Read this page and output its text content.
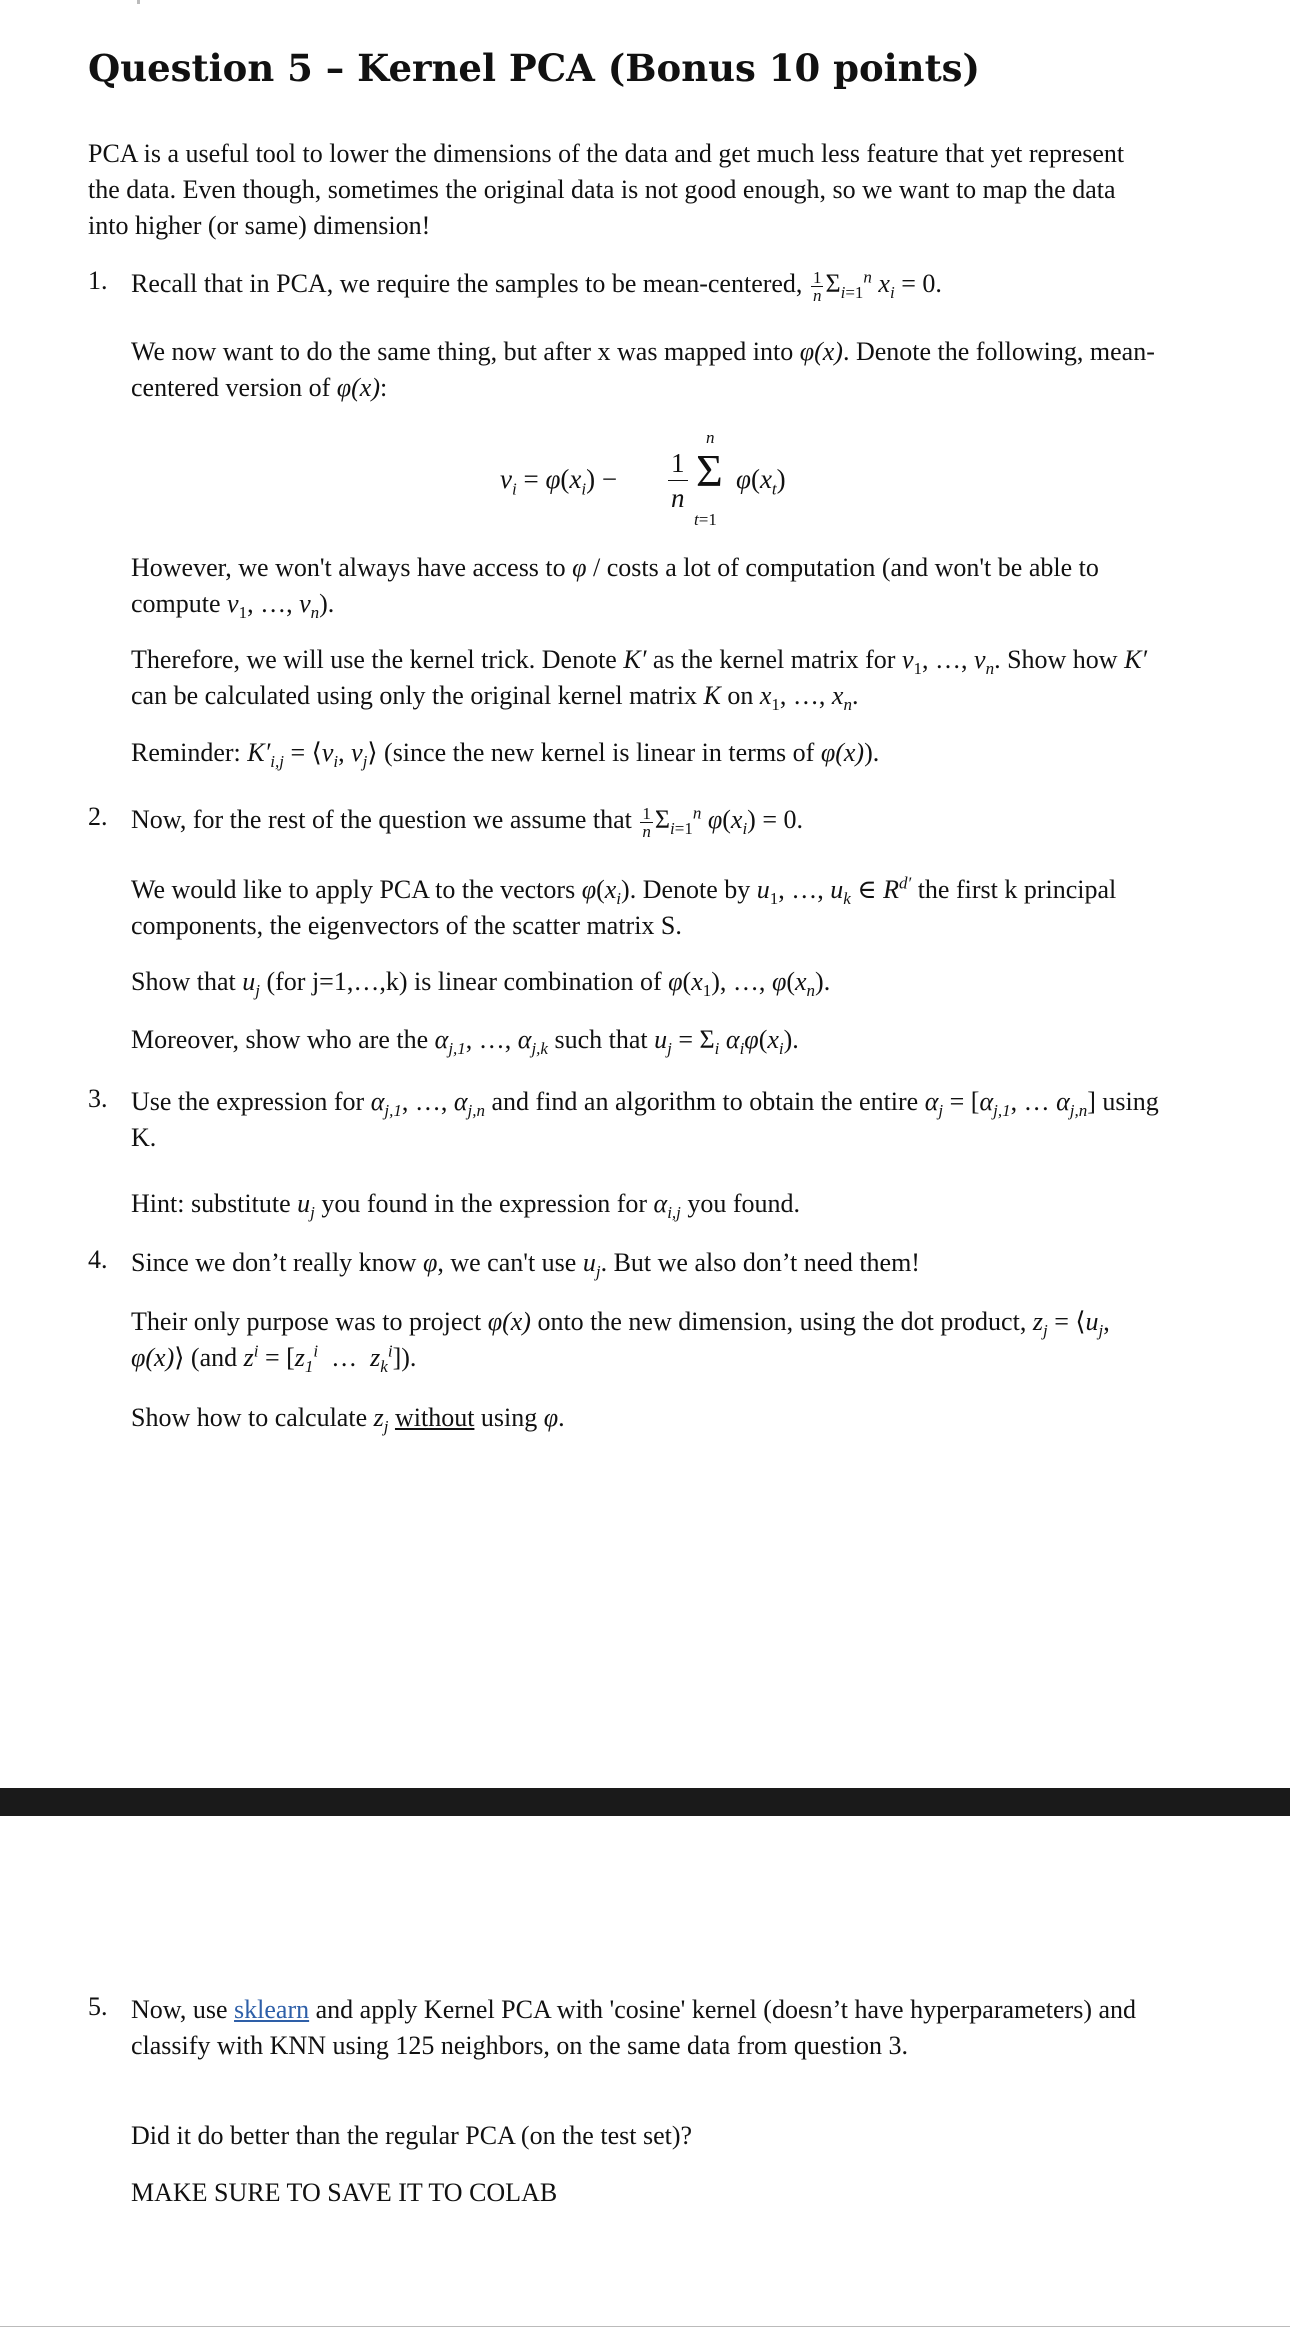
Question 5 – Kernel PCA (Bonus 10 points)

PCA is a useful tool to lower the dimensions of the data and get much less feature that yet represent the data. Even though, sometimes the original data is not good enough, so we want to map the data into higher (or same) dimension!

1. Recall that in PCA, we require the samples to be mean-centered, $\frac{1}{n} \Sigma_{i=1}^n$ $x_i = 0$.

We now want to do the same thing, but after x was mapped into φ(x). Denote the following, mean-centered version of φ(x):

$v_i = \varphi(x_i)$ −
1
n
n
Σ
t=1
$\varphi(x_t)$

However, we won't always have access to φ / costs a lot of computation (and won't be able to compute $v_1$, …, $v_n$).

Therefore, we will use the kernel trick. Denote K′ as the kernel matrix for $v_1$, …, $v_n$. Show how K′ can be calculated using only the original kernel matrix K on $x_1$, …, $x_n$.

Reminder: $K'_{i,j}$ = $⟨v_i$, $v_j⟩$ (since the new kernel is linear in terms of φ(x)).

2. Now, for the rest of the question we assume that $\frac{1}{n} \Sigma_{i=1}^n$ $\varphi(x_i) = 0$.

We would like to apply PCA to the vectors $\varphi(x_i)$. Denote by $u_1$, …, $u_k$ ∈ $R^{d'}$ the first k principal components, the eigenvectors of the scatter matrix S.

Show that $u_j$ (for j=1,…,k) is linear combination of $\varphi(x_1)$, …, $\varphi(x_n)$.

Moreover, show who are the $\alpha_{j,1}$, …, $\alpha_{j,k}$ such that $u_j = \Sigma_i$ $\alpha_i\varphi(x_i)$.

3. Use the expression for $\alpha_{j,1}$, …, $\alpha_{j,n}$ and find an algorithm to obtain the entire $\alpha_j = [\alpha_{j,1}$, … $\alpha_{j,n}$] using K.

Hint: substitute $u_j$ you found in the expression for $\alpha_{i,j}$ you found.

4. Since we don’t really know φ, we can't use $u_j$. But we also don’t need them!

Their only purpose was to project φ(x) onto the new dimension, using the dot product, $z_j$ = $⟨u_j$, φ(x)⟩ (and $z^i = [z_1^i$  …  $z_k^i$]).

Show how to calculate $z_j$ without using φ.

5. Now, use sklearn and apply Kernel PCA with 'cosine' kernel (doesn’t have hyperparameters) and classify with KNN using 125 neighbors, on the same data from question 3.

Did it do better than the regular PCA (on the test set)?

MAKE SURE TO SAVE IT TO COLAB
